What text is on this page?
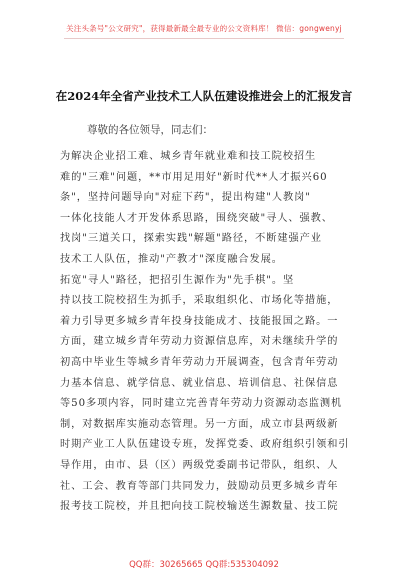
关注头条号"公文研究"，获得最新最全最专业的公文资料库！ 微信：gongwenyj
在2024年全省产业技术工人队伍建设推进会上的汇报发言
尊敬的各位领导，同志们：
为解决企业招工难、城乡青年就业难和技工院校招生
难的"三难"问题，**市用足用好"新时代**人才振兴60
条"，坚持问题导向"对症下药"，提出构建"人教岗"
一体化技能人才开发体系思路，围绕突破"寻人、强教、
找岗"三道关口，探索实践"解题"路径，不断建强产业
技术工人队伍，推动"产教才"深度融合发展。
拓宽"寻人"路径，把招引生源作为"先手棋"。坚
持以技工院校招生为抓手，采取组织化、市场化等措施，
着力引导更多城乡青年投身技能成才、技能报国之路。一
方面，建立城乡青年劳动力资源信息库，对未继续升学的
初高中毕业生等城乡青年劳动力开展调查，包含青年劳动
力基本信息、就学信息、就业信息、培训信息、社保信息
等50多项内容，同时建立完善青年劳动力资源动态监测机
制，对数据库实施动态管理。另一方面，成立市县两级新
时期产业工人队伍建设专班，发挥党委、政府组织引领和引
导作用，由市、县（区）两级党委副书记带队，组织、人
社、工会、教育等部门共同发力，鼓励动员更多城乡青年
报考技工院校，并且把向技工院校输送生源数量、技工院
QQ群：30265665 QQ群:535304092
